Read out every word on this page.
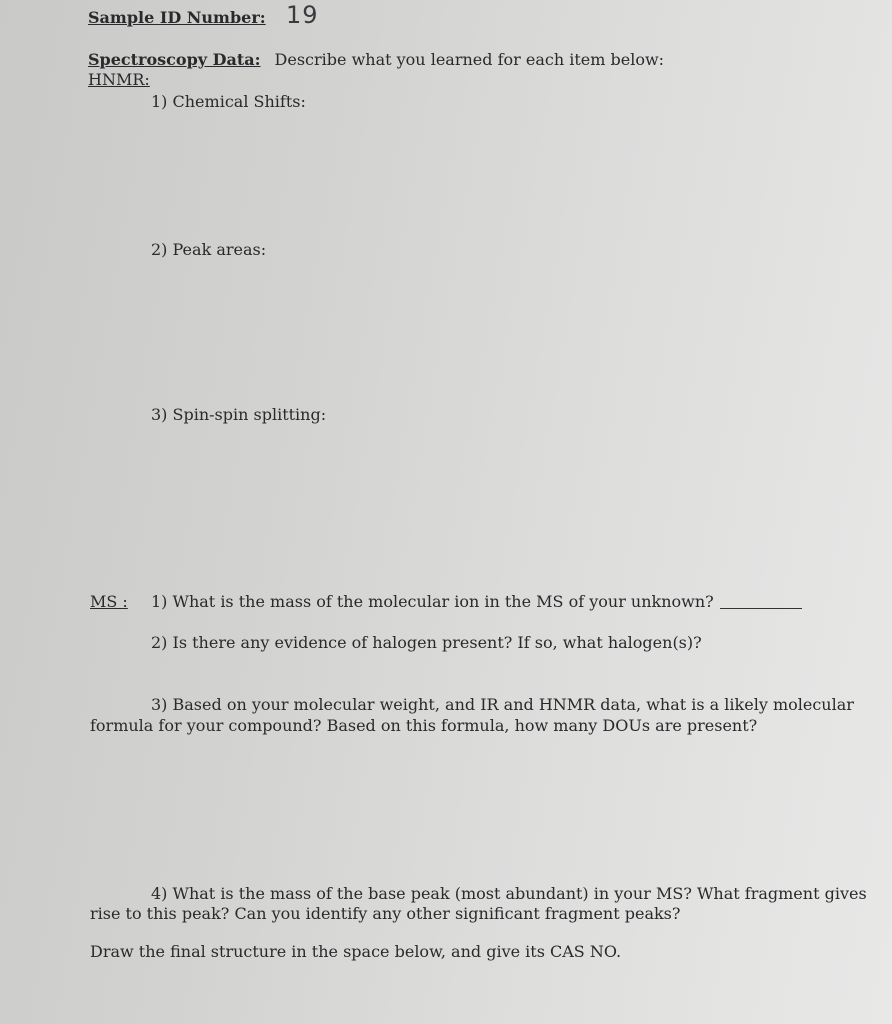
Sample ID Number: 19
Spectroscopy Data: Describe what you learned for each item below:
HNMR:
1) Chemical Shifts:
2) Peak areas:
3) Spin-spin splitting:
MS : 1) What is the mass of the molecular ion in the MS of your unknown?
2) Is there any evidence of halogen present? If so, what halogen(s)?
3) Based on your molecular weight, and IR and HNMR data, what is a likely molecular
formula for your compound? Based on this formula, how many DOUs are present?
4) What is the mass of the base peak (most abundant) in your MS? What fragment gives
rise to this peak? Can you identify any other significant fragment peaks?
Draw the final structure in the space below, and give its CAS NO.
